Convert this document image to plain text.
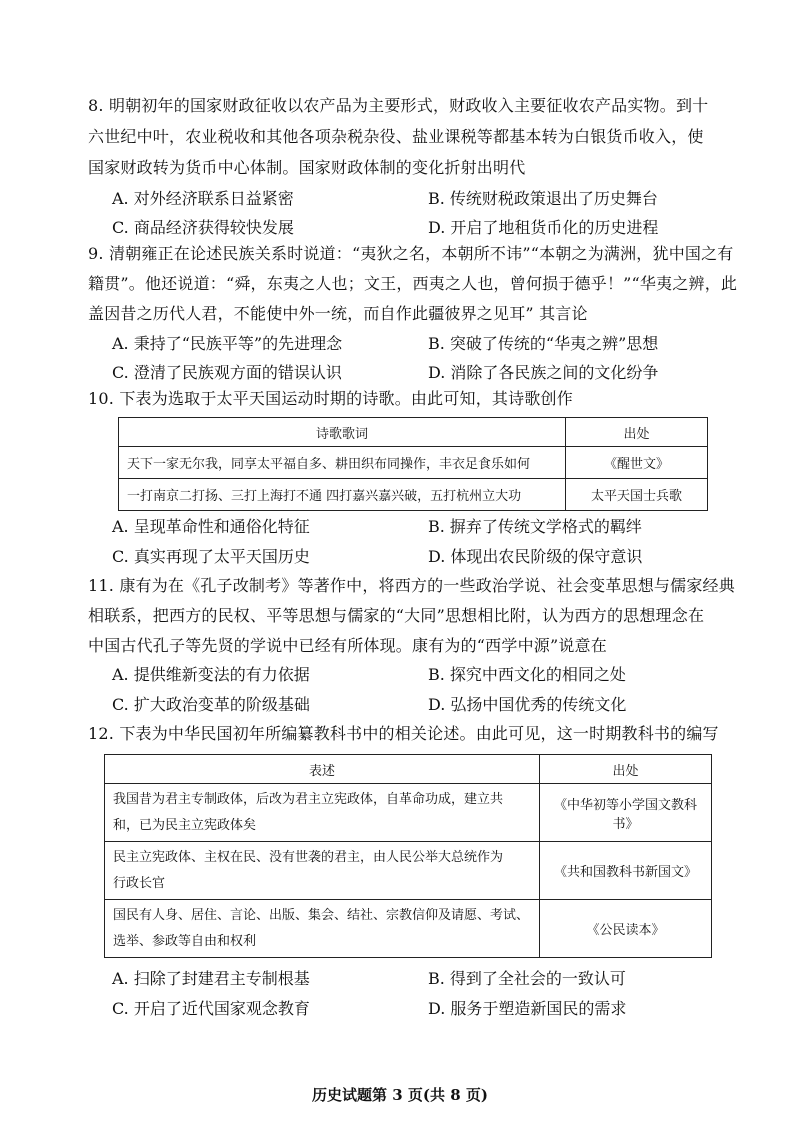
8. 明朝初年的国家财政征收以农产品为主要形式，财政收入主要征收农产品实物。到十
六世纪中叶，农业税收和其他各项杂税杂役、盐业课税等都基本转为白银货币收入，使
国家财政转为货币中心体制。国家财政体制的变化折射出明代
A. 对外经济联系日益紧密	B. 传统财税政策退出了历史舞台
C. 商品经济获得较快发展	D. 开启了地租货币化的历史进程
9. 清朝雍正在论述民族关系时说道：“夷狄之名，本朝所不讳”“本朝之为满洲，犹中国之有
籍贯”。他还说道：“舜，东夷之人也；文王，西夷之人也，曾何损于德乎！”“华夷之辨，此
盖因昔之历代人君，不能使中外一统，而自作此疆彼界之见耳” 其言论
A. 秉持了“民族平等”的先进理念	B. 突破了传统的“华夷之辨”思想
C. 澄清了民族观方面的错误认识	D. 消除了各民族之间的文化纷争
10. 下表为选取于太平天国运动时期的诗歌。由此可知，其诗歌创作
诗歌歌词	出处
天下一家无尔我，同享太平福自多、耕田织布同操作，丰衣足食乐如何	《醒世文》
一打南京二打扬、三打上海打不通 四打嘉兴嘉兴破，五打杭州立大功	太平天国士兵歌
A. 呈现革命性和通俗化特征	B. 摒弃了传统文学格式的羁绊
C. 真实再现了太平天国历史	D. 体现出农民阶级的保守意识
11. 康有为在《孔子改制考》等著作中，将西方的一些政治学说、社会变革思想与儒家经典
相联系，把西方的民权、平等思想与儒家的“大同”思想相比附，认为西方的思想理念在
中国古代孔子等先贤的学说中已经有所体现。康有为的“西学中源”说意在
A. 提供维新变法的有力依据	B. 探究中西文化的相同之处
C. 扩大政治变革的阶级基础	D. 弘扬中国优秀的传统文化
12. 下表为中华民国初年所编纂教科书中的相关论述。由此可见，这一时期教科书的编写
表述	出处
我国昔为君主专制政体，后改为君主立宪政体，自革命功成，建立共
和，已为民主立宪政体矣	《中华初等小学国文教科书》
民主立宪政体、主权在民、没有世袭的君主，由人民公举大总统作为
行政长官	《共和国教科书新国文》
国民有人身、居住、言论、出版、集会、结社、宗教信仰及请愿、考试、
选举、参政等自由和权利	《公民读本》
A. 扫除了封建君主专制根基	B. 得到了全社会的一致认可
C. 开启了近代国家观念教育	D. 服务于塑造新国民的需求
历史试题第 3 页(共 8 页)
